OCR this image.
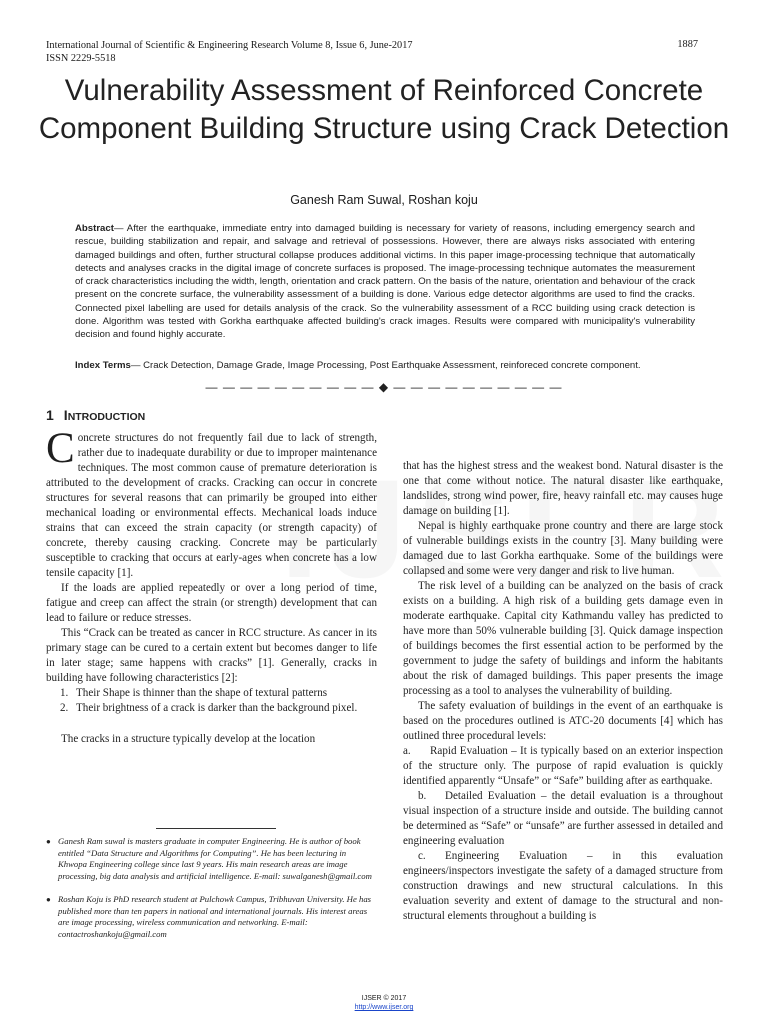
International Journal of Scientific & Engineering Research Volume 8, Issue 6, June-2017
ISSN 2229-5518
1887
Vulnerability Assessment of Reinforced Concrete Component Building Structure using Crack Detection
Ganesh Ram Suwal, Roshan koju
Abstract— After the earthquake, immediate entry into damaged building is necessary for variety of reasons, including emergency search and rescue, building stabilization and repair, and salvage and retrieval of possessions. However, there are always risks associated with entering damaged buildings and often, further structural collapse produces additional victims. In this paper image-processing technique that automatically detects and analyses cracks in the digital image of concrete surfaces is proposed. The image-processing technique automates the measurement of crack characteristics including the width, length, orientation and crack pattern. On the basis of the nature, orientation and behaviour of the crack present on the concrete surface, the vulnerability assessment of a building is done. Various edge detector algorithms are used to find the cracks. Connected pixel labelling are used for details analysis of the crack. So the vulnerability assessment of a RCC building using crack detection is done. Algorithm was tested with Gorkha earthquake affected building's crack images. Results were compared with municipality's vulnerability decision and found highly accurate.
Index Terms— Crack Detection, Damage Grade, Image Processing, Post Earthquake Assessment, reinforeced concrete component.
— — — — — — — — — — ◆ — — — — — — — — — —
1 INTRODUCTION

Concrete structures do not frequently fail due to lack of strength, rather due to inadequate durability or due to improper maintenance techniques. The most common cause of premature deterioration is attributed to the development of cracks. Cracking can occur in concrete structures for several reasons that can primarily be grouped into either mechanical loading or environmental effects. Mechanical loads induce strains that can exceed the strain capacity (or strength capacity) of concrete, thereby causing cracking. Concrete may be particularly susceptible to cracking that occurs at early-ages when concrete has a low tensile capacity [1].

If the loads are applied repeatedly or over a long period of time, fatigue and creep can affect the strain (or strength) development that can lead to failure or reduce stresses.

This “Crack can be treated as cancer in RCC structure. As cancer in its primary stage can be cured to a certain extent but becomes danger to life in later stage; same happens with cracks” [1]. Generally, cracks in building have following characteristics [2]:

1. Their Shape is thinner than the shape of textural patterns

2. Their brightness of a crack is darker than the background pixel.

The cracks in a structure typically develop at the location

● Ganesh Ram suwal is masters graduate in computer Engineering. He is author of book entitled “Data Structure and Algorithms for Computing”. He has been lecturing in Khwopa Engineering college since last 9 years. His main research areas are image processing, big data analysis and artificial intelligence. E-mail: suwalganesh@gmail.com
● Roshan Koju is PhD research student at Pulchowk Campus, Tribhuvan University. He has published more than ten papers in national and international journals. His interest areas are image processing, wireless communication and networking. E-mail: contactroshankoju@gmail.com

that has the highest stress and the weakest bond. Natural disaster is the one that come without notice. The natural disaster like earthquake, landslides, strong wind power, fire, heavy rainfall etc. may causes huge damage on building [1].

Nepal is highly earthquake prone country and there are large stock of vulnerable buildings exists in the country [3]. Many building were damaged due to last Gorkha earthquake. Some of the buildings were collapsed and some were very danger and risk to live human.

The risk level of a building can be analyzed on the basis of crack exists on a building. A high risk of a building gets damage even in moderate earthquake. Capital city Kathmandu valley has predicted to have more than 50% vulnerable building [3]. Quick damage inspection of buildings becomes the first essential action to be performed by the government to judge the safety of buildings and inform the habitants about the risk of damaged buildings. This paper presents the image processing as a tool to analyses the vulnerability of building.

The safety evaluation of buildings in the event of an earthquake is based on the procedures outlined is ATC-20 documents [4] which has outlined three procedural levels:

a. Rapid Evaluation – It is typically based on an exterior inspection of the structure only. The purpose of rapid evaluation is quickly identified apparently “Unsafe” or “Safe” building after as earthquake.

b. Detailed Evaluation – the detail evaluation is a throughout visual inspection of a structure inside and outside. The building cannot be determined as “Safe” or “unsafe” are further assessed in detailed and engineering evaluation

c. Engineering Evaluation – in this evaluation engineers/inspectors investigate the safety of a damaged structure from construction drawings and new structural calculations. In this evaluation severity and extent of damage to the structural and non-structural elements throughout a building is

IJSER © 2017
http://www.ijser.org
